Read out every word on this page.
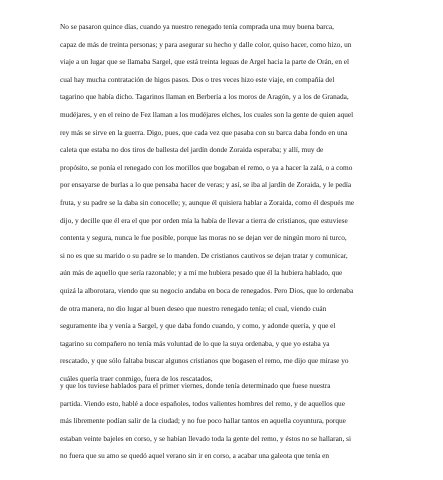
No se pasaron quince días, cuando ya nuestro renegado tenía comprada una muy buena barca,
capaz de más de treinta personas; y para asegurar su hecho y dalle color, quiso hacer, como hizo, un
viaje a un lugar que se llamaba Sargel, que está treinta leguas de Argel hacia la parte de Orán, en el
cual hay mucha contratación de higos pasos. Dos o tres veces hizo este viaje, en compañía del
tagarino que había dicho. Tagarinos llaman en Berbería a los moros de Aragón, y a los de Granada,
mudéjares, y en el reino de Fez llaman a los mudéjares elches, los cuales son la gente de quien aquel
rey más se sirve en la guerra. Digo, pues, que cada vez que pasaba con su barca daba fondo en una
caleta que estaba no dos tiros de ballesta del jardín donde Zoraida esperaba; y allí, muy de
propósito, se ponía el renegado con los morillos que bogaban el remo, o ya a hacer la zalá, o a como
por ensayarse de burlas a lo que pensaba hacer de veras; y así, se iba al jardín de Zoraida, y le pedía
fruta, y su padre se la daba sin conocelle; y, aunque él quisiera hablar a Zoraida, como él después me
dijo, y decille que él era el que por orden mía la había de llevar a tierra de cristianos, que estuviese
contenta y segura, nunca le fue posible, porque las moras no se dejan ver de ningún moro ni turco,
si no es que su marido o su padre se lo manden. De cristianos cautivos se dejan tratar y comunicar,
aún más de aquello que sería razonable; y a mí me hubiera pesado que él la hubiera hablado, que
quizá la alborotara, viendo que su negocio andaba en boca de renegados. Pero Dios, que lo ordenaba
de otra manera, no dio lugar al buen deseo que nuestro renegado tenía; el cual, viendo cuán
seguramente iba y venía a Sargel, y que daba fondo cuando, y como, y adonde quería, y que el
tagarino su compañero no tenía más voluntad de lo que la suya ordenaba, y que yo estaba ya
rescatado, y que sólo faltaba buscar algunos cristianos que bogasen el remo, me dijo que mirase yo
cuáles quería traer conmigo, fuera de los rescatados,
y que los tuviese hablados para el primer viernes, donde tenía determinado que fuese nuestra
partida. Viendo esto, hablé a doce españoles, todos valientes hombres del remo, y de aquellos que
más libremente podían salir de la ciudad; y no fue poco hallar tantos en aquella coyuntura, porque
estaban veinte bajeles en corso, y se habían llevado toda la gente del remo, y éstos no se hallaran, si
no fuera que su amo se quedó aquel verano sin ir en corso, a acabar una galeota que tenía en
